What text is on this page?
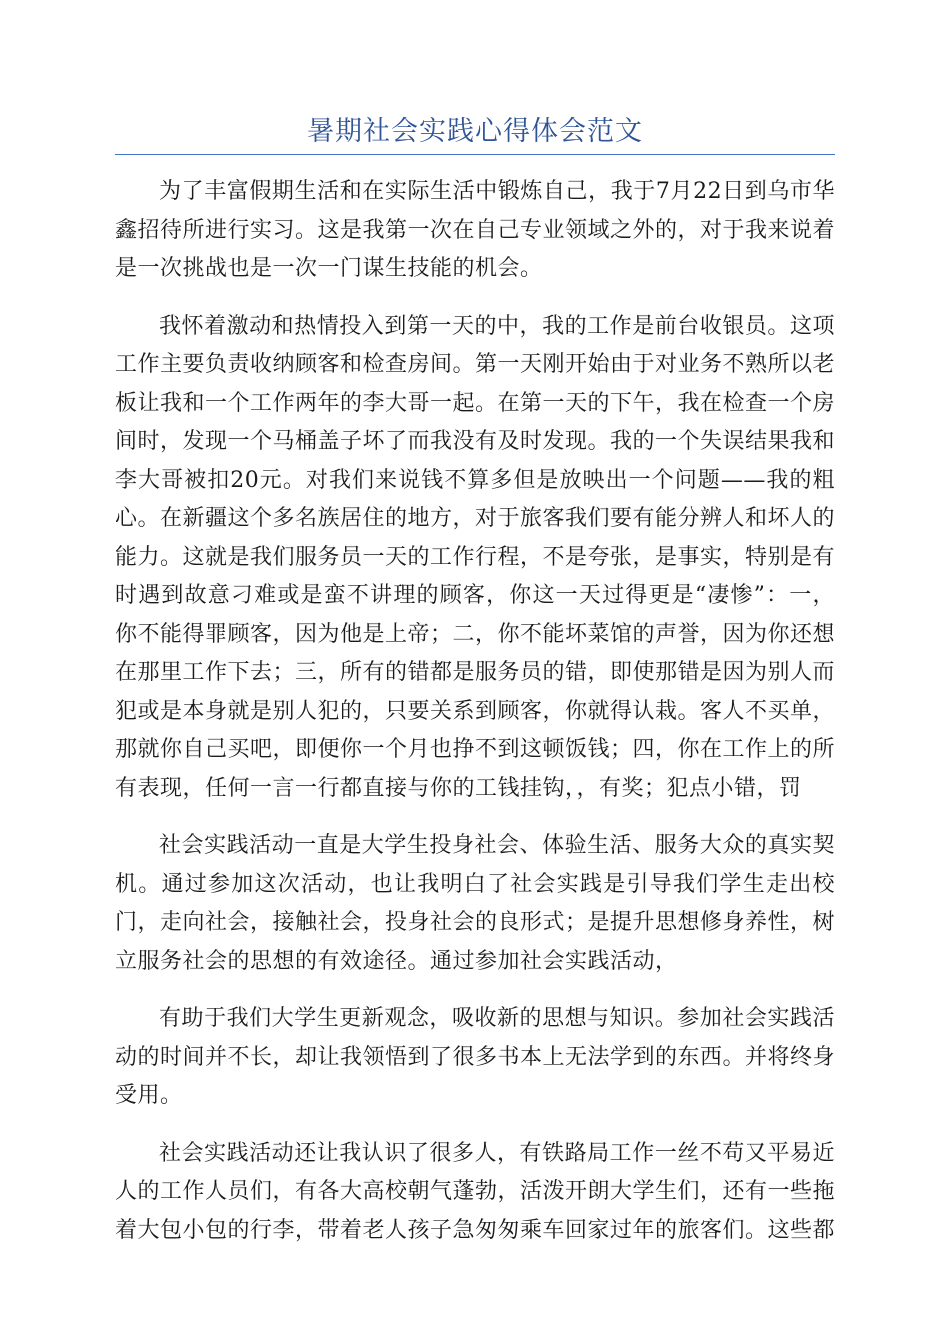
暑期社会实践心得体会范文

为了丰富假期生活和在实际生活中锻炼自己，我于7月22日到乌市华鑫招待所进行实习。这是我第一次在自己专业领域之外的，对于我来说着是一次挑战也是一次一门谋生技能的机会。

我怀着激动和热情投入到第一天的中，我的工作是前台收银员。这项工作主要负责收纳顾客和检查房间。第一天刚开始由于对业务不熟所以老板让我和一个工作两年的李大哥一起。在第一天的下午，我在检查一个房间时，发现一个马桶盖子坏了而我没有及时发现。我的一个失误结果我和李大哥被扣20元。对我们来说钱不算多但是放映出一个问题——我的粗心。在新疆这个多名族居住的地方，对于旅客我们要有能分辨人和坏人的能力。这就是我们服务员一天的工作行程，不是夸张，是事实，特别是有时遇到故意刁难或是蛮不讲理的顾客，你这一天过得更是“凄惨”：一，你不能得罪顾客，因为他是上帝；二，你不能坏菜馆的声誉，因为你还想在那里工作下去；三，所有的错都是服务员的错，即使那错是因为别人而犯或是本身就是别人犯的，只要关系到顾客，你就得认栽。客人不买单，那就你自己买吧，即便你一个月也挣不到这顿饭钱；四，你在工作上的所有表现，任何一言一行都直接与你的工钱挂钩，，有奖；犯点小错，罚

社会实践活动一直是大学生投身社会、体验生活、服务大众的真实契机。通过参加这次活动，也让我明白了社会实践是引导我们学生走出校门，走向社会，接触社会，投身社会的良形式；是提升思想修身养性，树立服务社会的思想的有效途径。通过参加社会实践活动，

有助于我们大学生更新观念，吸收新的思想与知识。参加社会实践活动的时间并不长，却让我领悟到了很多书本上无法学到的东西。并将终身受用。

社会实践活动还让我认识了很多人，有铁路局工作一丝不苟又平易近人的工作人员们，有各大高校朝气蓬勃，活泼开朗大学生们，还有一些拖着大包小包的行李，带着老人孩子急匆匆乘车回家过年的旅客们。这些都
